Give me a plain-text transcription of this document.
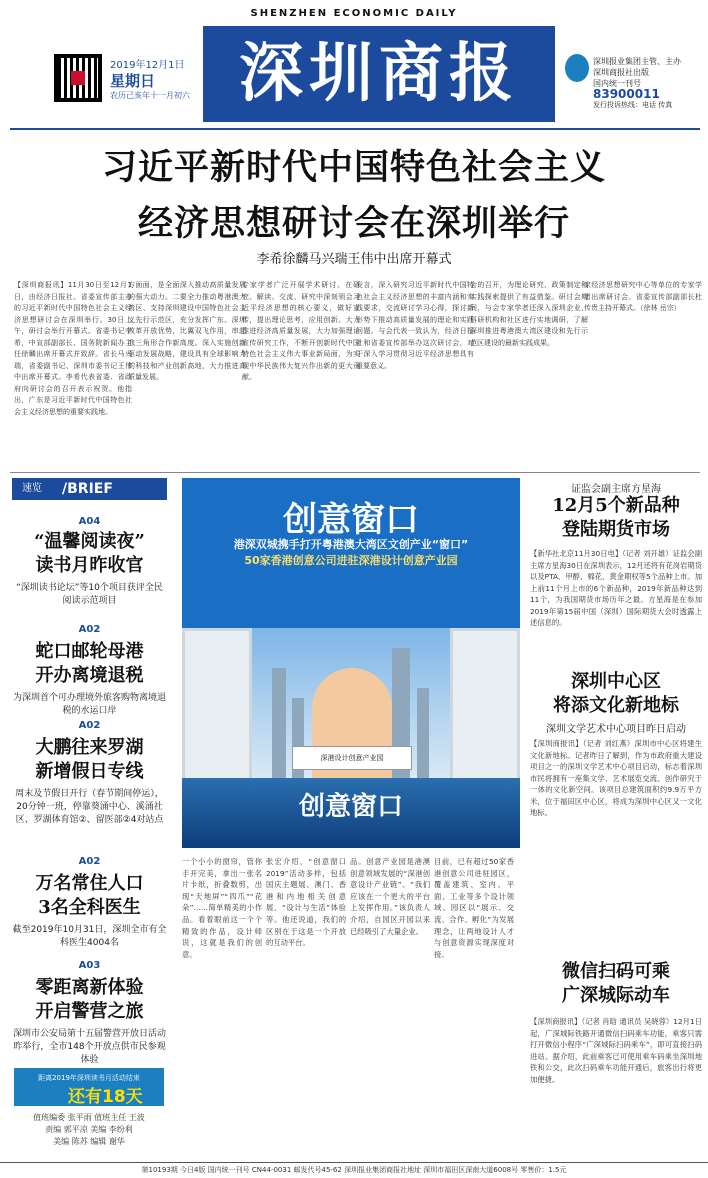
SHENZHEN ECONOMIC DAILY
2019年12月1日
星期日
农历己亥年十一月初六 深圳商报	深圳报业集团主管、主办
深圳商报社出版
国内统一刊号
83900011
发行投诉热线：电话 传真
习近平新时代中国特色社会主义
经济思想研讨会在深圳举行
李希徐麟马兴瑞王伟中出席开幕式
【深圳商报讯】11月30日至12月1日，由经济日报社、省委宣传部主办的习近平新时代中国特色社会主义经济思想研讨会在深圳举行。30日上午，研讨会举行开幕式。省委书记李希，中宣部副部长、国务院新闻办主任徐麟出席开幕式并致辞。省长马兴瑞，省委副书记、深圳市委书记王伟中出席开幕式。李希代表省委、省政府向研讨会的召开表示祝贺。他指出，广东是习近平新时代中国特色社会主义经济思想的重要实践地。
方面面，是全面深入推动高质量发展的强大动力。二要全力推动粤港澳大湾区、支持深圳建设中国特色社会主义先行示范区，充分发挥广东、深圳改革开放优势，比翼双飞作用，串起我三角形合作新高度。深入实施创新驱动发展战略，建设具有全球影响力的科技和产业创新高地，大力推进高质量发展。
专家学者广泛开展学术研讨。在研究、解读、交流、研究中深刻领会习近平经济思想的核心要义，做好宣传，提出理论思考，应用创新。大力推进经济高质量发展，大力加强理论宣传研究工作，不断开创新时代中国特色社会主义伟大事业新局面，为实现中华民族伟大复兴作出新的更大贡献。
发言，深入研究习近平新时代中国特色社会主义经济思想的丰富内涵和实践要求，交流研讨学习心得，探讨新形势下推动高质量发展的理论和实践问题。与会代表一致认为，经济日报社和省委宣传部举办这次研讨会，对于深入学习贯彻习近平经济思想具有重要意义。
会的召开，为理论研究、政策制定和实践探索提供了有益借鉴。研讨会期间，与会专家学者还深入深圳企业、科研机构和社区进行实地调研，了解深圳推进粤港澳大湾区建设和先行示范区建设的最新实践成果。
家经济思想研究中心等单位的专家学者出席研讨会。省委宣传部副部长杜传贵主持开幕式。（徐林 岳宗）
速览 /BRIEF
A04
“温馨阅读夜”
读书月昨收官
“深圳读书论坛”等10个项目获评全民阅读示范项目
A02
蛇口邮轮母港
开办离境退税
为深圳首个可办理境外旅客购物离境退税的水运口岸
A02
大鹏往来罗湖
新增假日专线
周末及节假日开行（春节期间停运），20分钟一班，停靠葵涌中心、溪涌社区、罗湖体育馆②、留医部②4对站点
A02
万名常住人口
3名全科医生
截至2019年10月31日，深圳全市有全科医生4004名
A03
零距离新体验
开启警营之旅
深圳市公安局第十五届警营开放日活动昨举行，全市148个开放点供市民参观体验
距离2019年深圳读书月活动结束
还有18天
值班编委 张平雨 值班主任 王波
责编 郭平凉 美编 李纷利
美编 陈苏 编辑 谢华
创意窗口
港深双城携手打开粤港澳大湾区文创产业“窗口”
50家香港创意公司进驻深港设计创意产业园
深港设计创意产业园
创意窗口
一个小小的窗帘，管你手开完美，拿出一张名片卡纸，折叠数剪，出现“天地屏”“四爪”“花朵”……简单精美的小作品。看着眼前这一个个精致的作品，设计师说，这就是我们的创意。
张宏介绍，“创意窗口2019”活动多样，包括国庆主题展、澳门、香港和内地相关创意展、“设计与生活”体验等。他还说道，我们的区别在于这是一个开放的互动平台。
品。创意产业园是港澳创意领域发展的“深港创意设计产业链”。“我们应该在一个更大的平台上发挥作用。”该负责人介绍，自园区开园以来已经吸引了大量企业。
目前，已有超过50家香港创意公司进驻园区，覆盖建筑、室内、平面、工业等多个设计领域。园区以“展示、交流、合作、孵化”为发展理念，让两地设计人才与创意资源实现深度对接。
证监会副主席方星海
12月5个新品种
登陆期货市场
【新华社北京11月30日电】（记者 刘开雄）证监会副主席方星海30日在深圳表示，12月还将有花岗岩期货以及PTA、甲醇、棉花、黄金期权等5个品种上市。加上前11个月上市的6个新品种，2019年新品种达到11个，为我国期货市场历年之最。方星海是在参加2019年第15届中国（深圳）国际期货大会时透露上述信息的。
深圳中心区
将添文化新地标
深圳文学艺术中心项目昨日启动
【深圳商报讯】（记者 刘红燕）深圳市中心区将建生文化新地标。记者昨日了解到，作为市政府重大建设项目之一的深圳文学艺术中心项目启动，标志着深圳市民将拥有一座集文学、艺术展览交流、创作研究于一体的文化新空间。该项目总建筑面积约9.9万平方米，位于福田区中心区，将成为深圳中心区又一文化地标。
微信扫码可乘
广深城际动车
【深圳商报讯】（记者 肖晗 通讯员 吴晓蓉）12月1日起，广深城际铁路开通微信扫码乘车功能，乘客只需打开微信小程序“广深城际扫码乘车”，即可直接扫码进站。据介绍，此前乘客已可使用乘车码乘坐深圳地铁和公交，此次扫码乘车功能开通后，旅客出行将更加便捷。
第10193期 今日4版 国内统一刊号 CN44-0031 邮发代号45-62 深圳报业集团商报社地址 深圳市福田区深南大道6008号 零售价：1.5元
